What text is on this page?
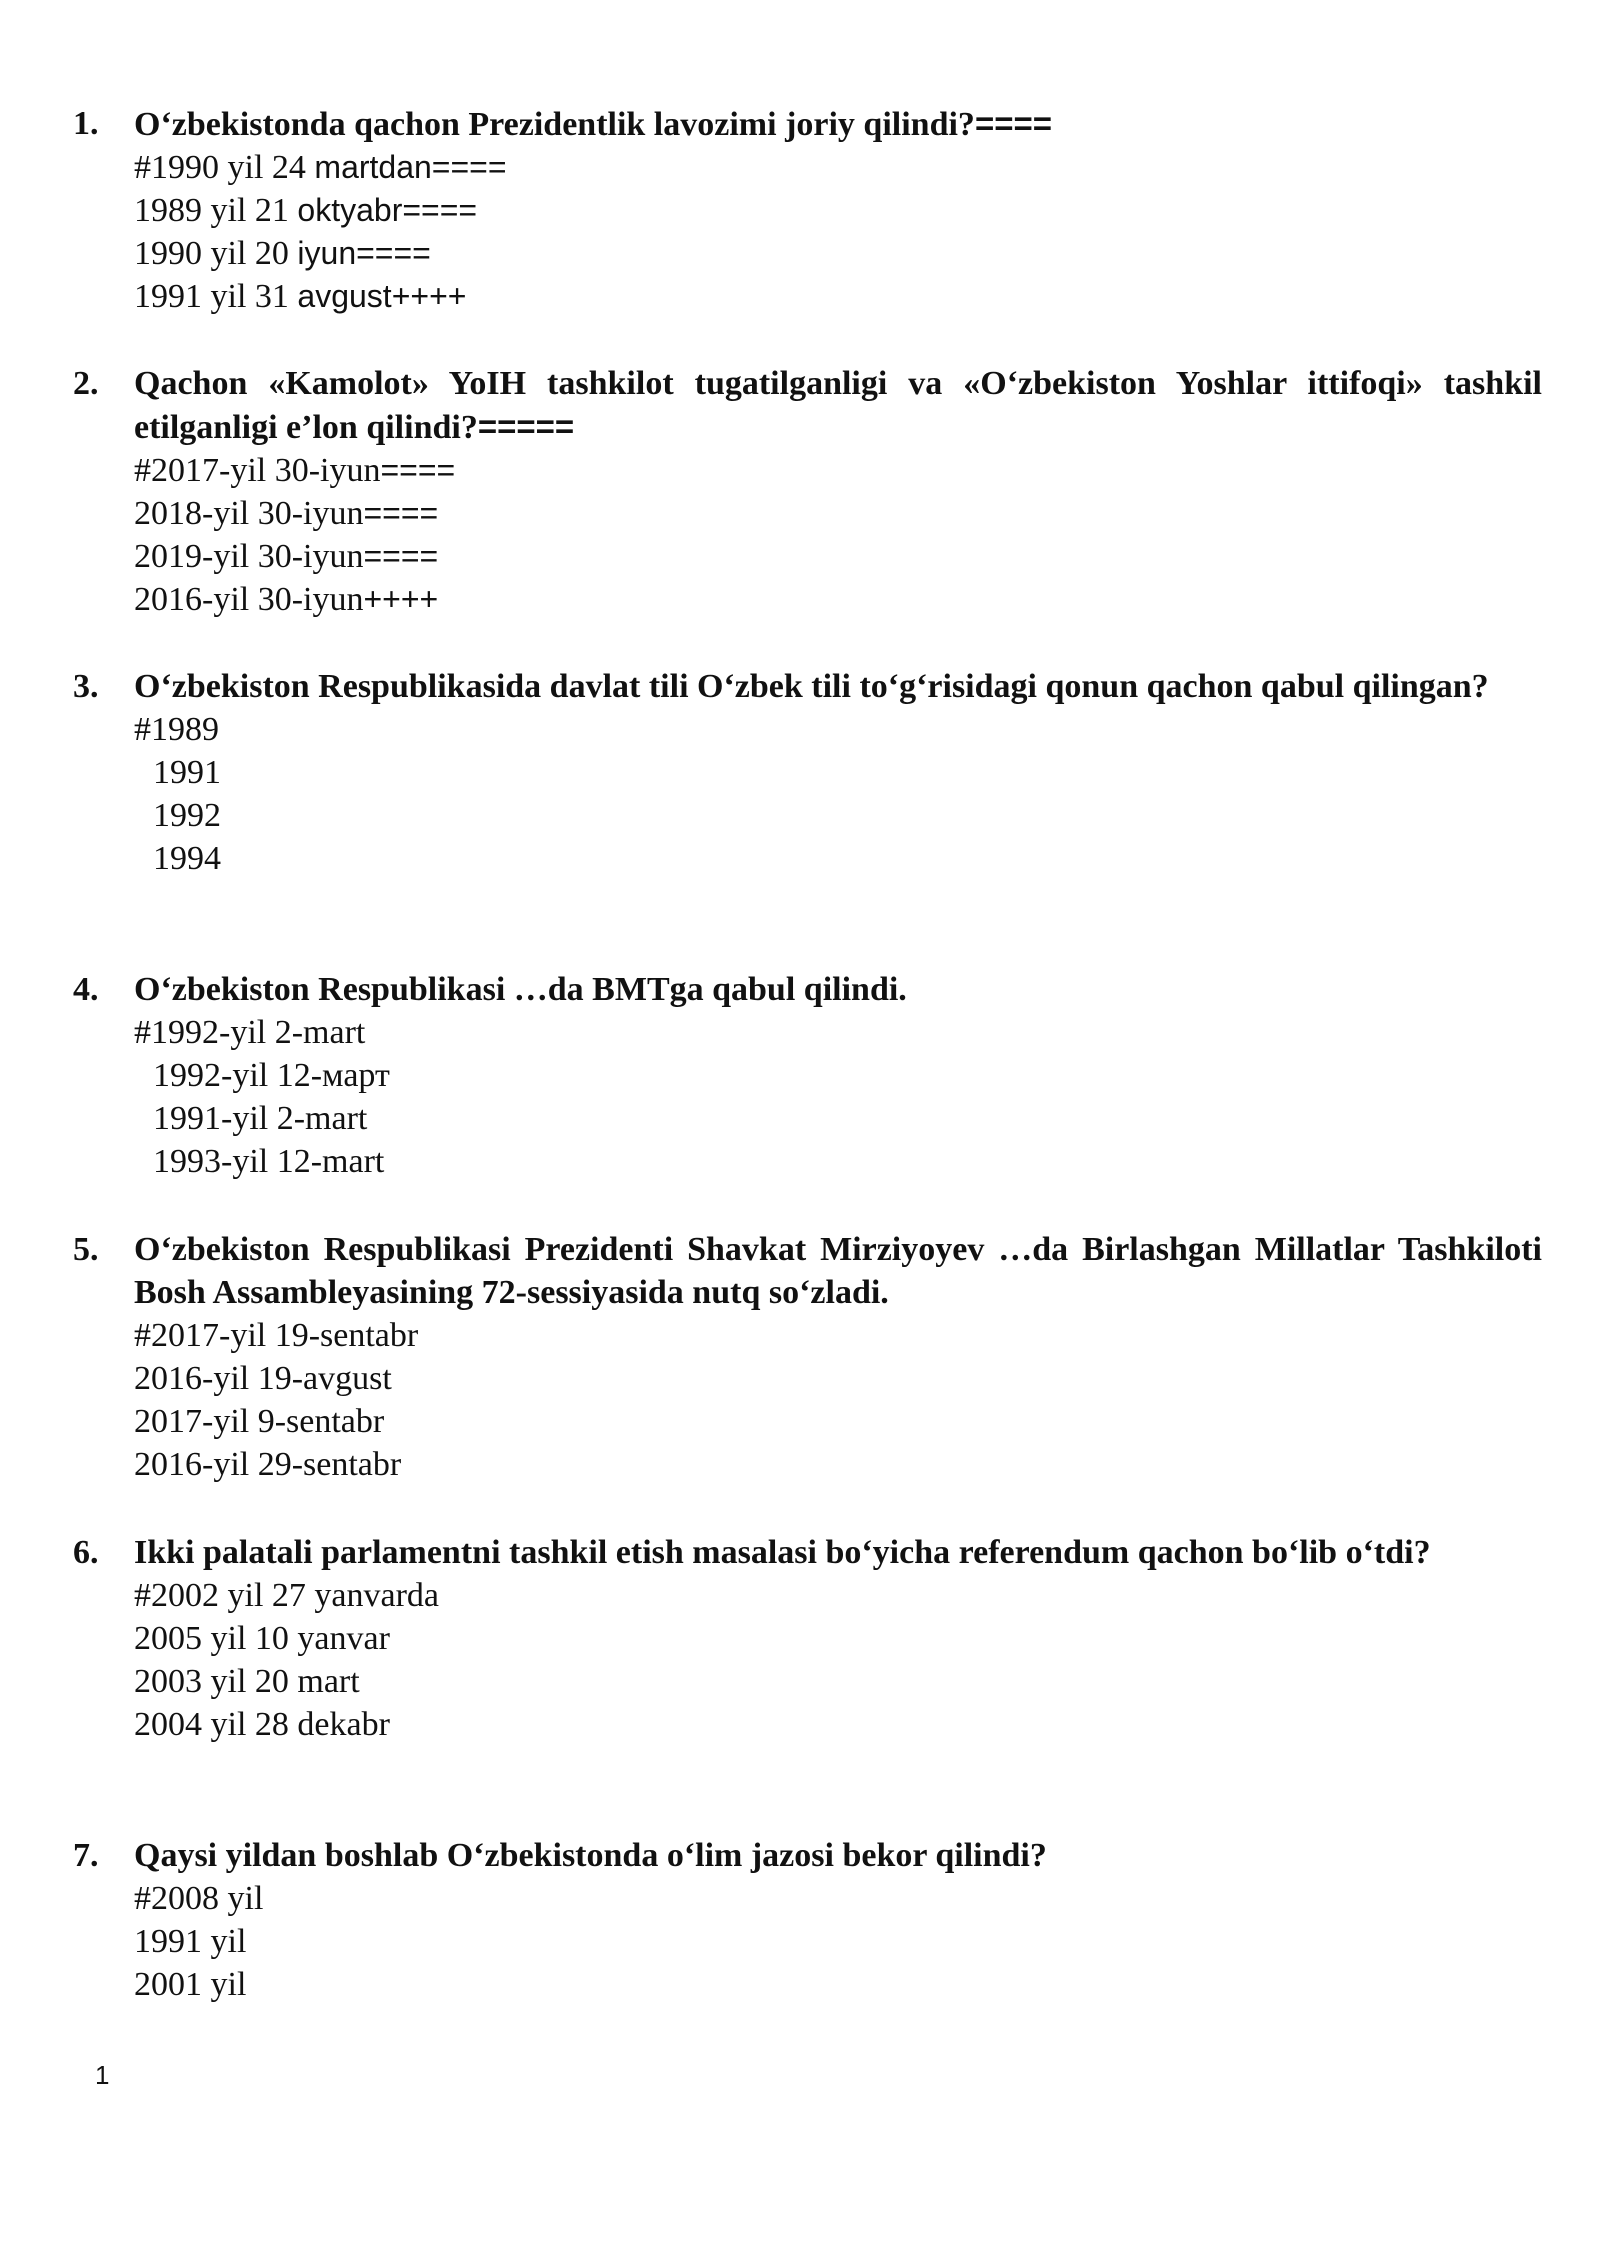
1. O‘zbekistonda qachon Prezidentlik lavozimi joriy qilindi?====
#1990 yil 24 martdan====
1989 yil 21 oktyabr====
1990 yil 20 iyun====
1991 yil 31 avgust++++
2. Qachon «Kamolot» YoIH tashkilot tugatilganligi va «O‘zbekiston Yoshlar ittifoqi» tashkil etilganligi e’lon qilindi?=====
#2017-yil 30-iyun====
2018-yil 30-iyun====
2019-yil 30-iyun====
2016-yil 30-iyun++++
3. O‘zbekiston Respublikasida davlat tili O‘zbek tili to‘g‘risidagi qonun qachon qabul qilingan?
#1989
1991
1992
1994
4. O‘zbekiston Respublikasi …da BMTga qabul qilindi.
#1992-yil 2-mart
1992-yil 12-март
1991-yil 2-mart
1993-yil 12-mart
5. O‘zbekiston Respublikasi Prezidenti Shavkat Mirziyoyev …da Birlashgan Millatlar Tashkiloti Bosh Assambleyasining 72-sessiyasida nutq so‘zladi.
#2017-yil 19-sentabr
2016-yil 19-avgust
2017-yil 9-sentabr
2016-yil 29-sentabr
6. Ikki palatali parlamentni tashkil etish masalasi bo‘yicha referendum qachon bo‘lib o‘tdi?
#2002 yil 27 yanvarda
2005 yil 10 yanvar
2003 yil 20 mart
2004 yil 28 dekabr
7. Qaysi yildan boshlab O‘zbekistonda o‘lim jazosi bekor qilindi?
#2008 yil
1991 yil
2001 yil
1
